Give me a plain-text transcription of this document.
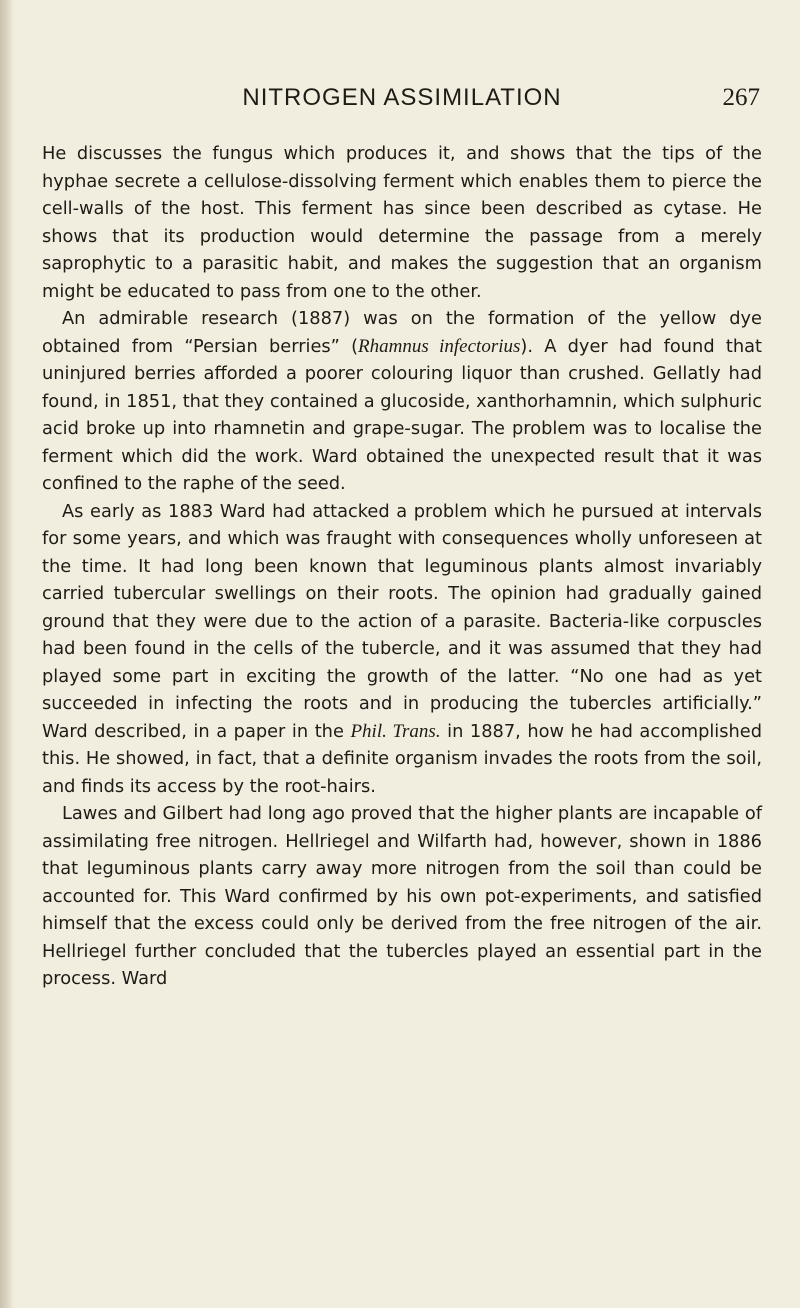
NITROGEN ASSIMILATION	267

He discusses the fungus which produces it, and shows that the tips of the hyphae secrete a cellulose-dissolving ferment which enables them to pierce the cell-walls of the host. This ferment has since been described as cytase. He shows that its production would determine the passage from a merely saprophytic to a parasitic habit, and makes the suggestion that an organism might be educated to pass from one to the other.

An admirable research (1887) was on the formation of the yellow dye obtained from “Persian berries” (Rhamnus infectorius). A dyer had found that uninjured berries afforded a poorer colouring liquor than crushed. Gellatly had found, in 1851, that they contained a glucoside, xanthorhamnin, which sulphuric acid broke up into rhamnetin and grape-sugar. The problem was to localise the ferment which did the work. Ward obtained the unexpected result that it was confined to the raphe of the seed.

As early as 1883 Ward had attacked a problem which he pursued at intervals for some years, and which was fraught with consequences wholly unforeseen at the time. It had long been known that leguminous plants almost invariably carried tubercular swellings on their roots. The opinion had gradually gained ground that they were due to the action of a parasite. Bacteria-like corpuscles had been found in the cells of the tubercle, and it was assumed that they had played some part in exciting the growth of the latter. “No one had as yet succeeded in infecting the roots and in producing the tubercles artificially.” Ward described, in a paper in the Phil. Trans. in 1887, how he had accomplished this. He showed, in fact, that a definite organism invades the roots from the soil, and finds its access by the root-hairs.

Lawes and Gilbert had long ago proved that the higher plants are incapable of assimilating free nitrogen. Hellriegel and Wilfarth had, however, shown in 1886 that leguminous plants carry away more nitrogen from the soil than could be accounted for. This Ward confirmed by his own pot-experiments, and satisfied himself that the excess could only be derived from the free nitrogen of the air. Hellriegel further concluded that the tubercles played an essential part in the process. Ward
